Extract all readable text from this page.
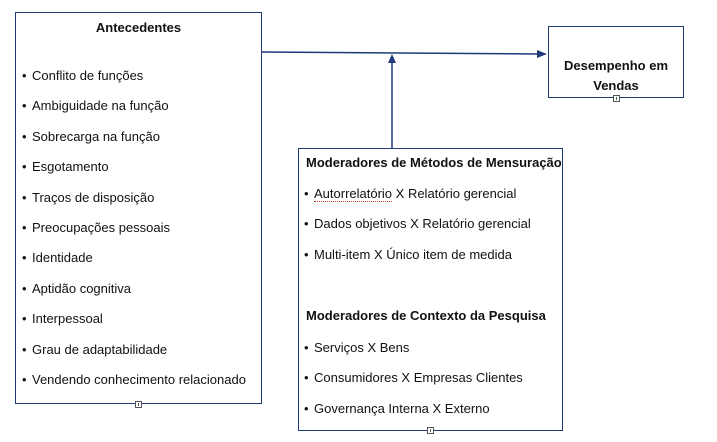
Antecedentes
• Conflito de funções
• Ambiguidade na função
• Sobrecarga na função
• Esgotamento
• Traços de disposição
• Preocupações pessoais
• Identidade
• Aptidão cognitiva
• Interpessoal
• Grau de adaptabilidade
• Vendendo conhecimento relacionado
Desempenho em
Vendas
Moderadores de Métodos de Mensuração
• Autorrelatório X Relatório gerencial
• Dados objetivos X Relatório gerencial
• Multi-item X Único item de medida
Moderadores de Contexto da Pesquisa
• Serviços X Bens
• Consumidores X Empresas Clientes
• Governança Interna X Externo
